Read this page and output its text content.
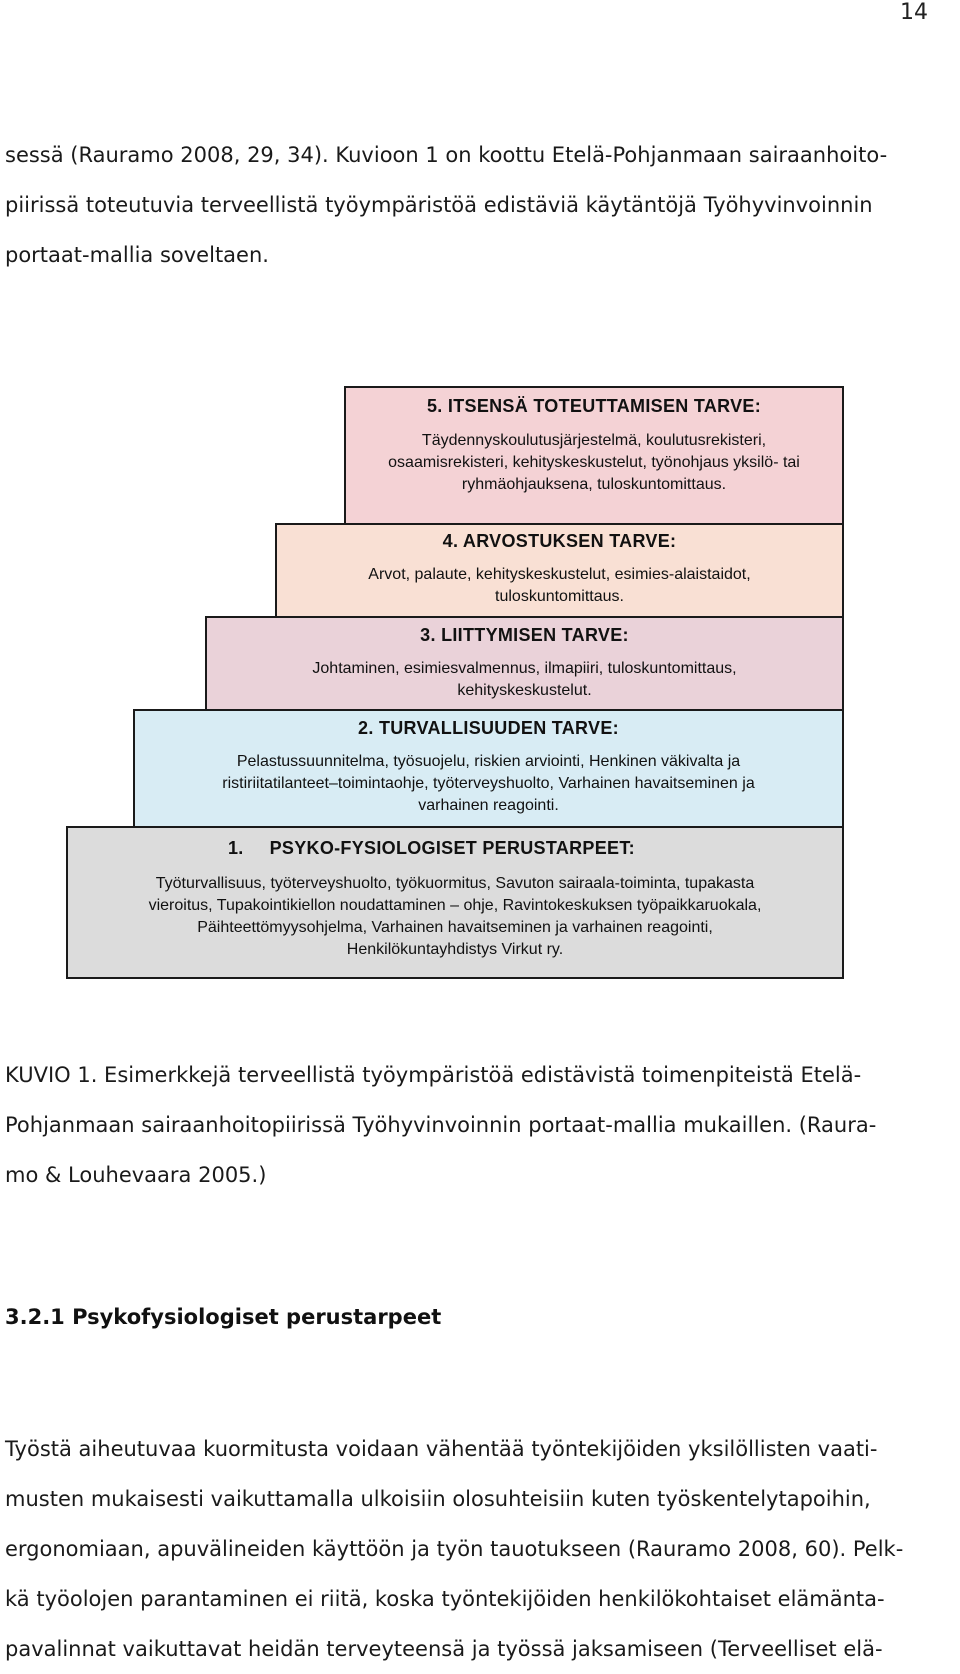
14
sessä (Rauramo 2008, 29, 34). Kuvioon 1 on koottu Etelä-Pohjanmaan sairaanhoito-
piirissä toteutuvia terveellistä työympäristöä edistäviä käytäntöjä Työhyvinvoinnin
portaat-mallia soveltaen.
1. PSYKO-FYSIOLOGISET PERUSTARPEET:
Työturvallisuus, työterveyshuolto, työkuormitus, Savuton sairaala-toiminta, tupakasta
vieroitus, Tupakointikiellon noudattaminen – ohje, Ravintokeskuksen työpaikkaruokala,
Päihteettömyysohjelma, Varhainen havaitseminen ja varhainen reagointi,
Henkilökuntayhdistys Virkut ry.
2. TURVALLISUUDEN TARVE:
Pelastussuunnitelma, työsuojelu, riskien arviointi, Henkinen väkivalta ja
ristiriitatilanteet–toimintaohje, työterveyshuolto, Varhainen havaitseminen ja
varhainen reagointi.
3. LIITTYMISEN TARVE:
Johtaminen, esimiesvalmennus, ilmapiiri, tuloskuntomittaus,
kehityskeskustelut.
4. ARVOSTUKSEN TARVE:
Arvot, palaute, kehityskeskustelut, esimies-alaistaidot,
tuloskuntomittaus.
5. ITSENSÄ TOTEUTTAMISEN TARVE:
Täydennyskoulutusjärjestelmä, koulutusrekisteri,
osaamisrekisteri, kehityskeskustelut, työnohjaus yksilö- tai
ryhmäohjauksena, tuloskuntomittaus.
KUVIO 1. Esimerkkejä terveellistä työympäristöä edistävistä toimenpiteistä Etelä-
Pohjanmaan sairaanhoitopiirissä Työhyvinvoinnin portaat-mallia mukaillen. (Raura-
mo & Louhevaara 2005.)
3.2.1 Psykofysiologiset perustarpeet
Työstä aiheutuvaa kuormitusta voidaan vähentää työntekijöiden yksilöllisten vaati-
musten mukaisesti vaikuttamalla ulkoisiin olosuhteisiin kuten työskentelytapoihin,
ergonomiaan, apuvälineiden käyttöön ja työn tauotukseen (Rauramo 2008, 60). Pelk-
kä työolojen parantaminen ei riitä, koska työntekijöiden henkilökohtaiset elämänta-
pavalinnat vaikuttavat heidän terveyteensä ja työssä jaksamiseen (Terveelliset elä-
